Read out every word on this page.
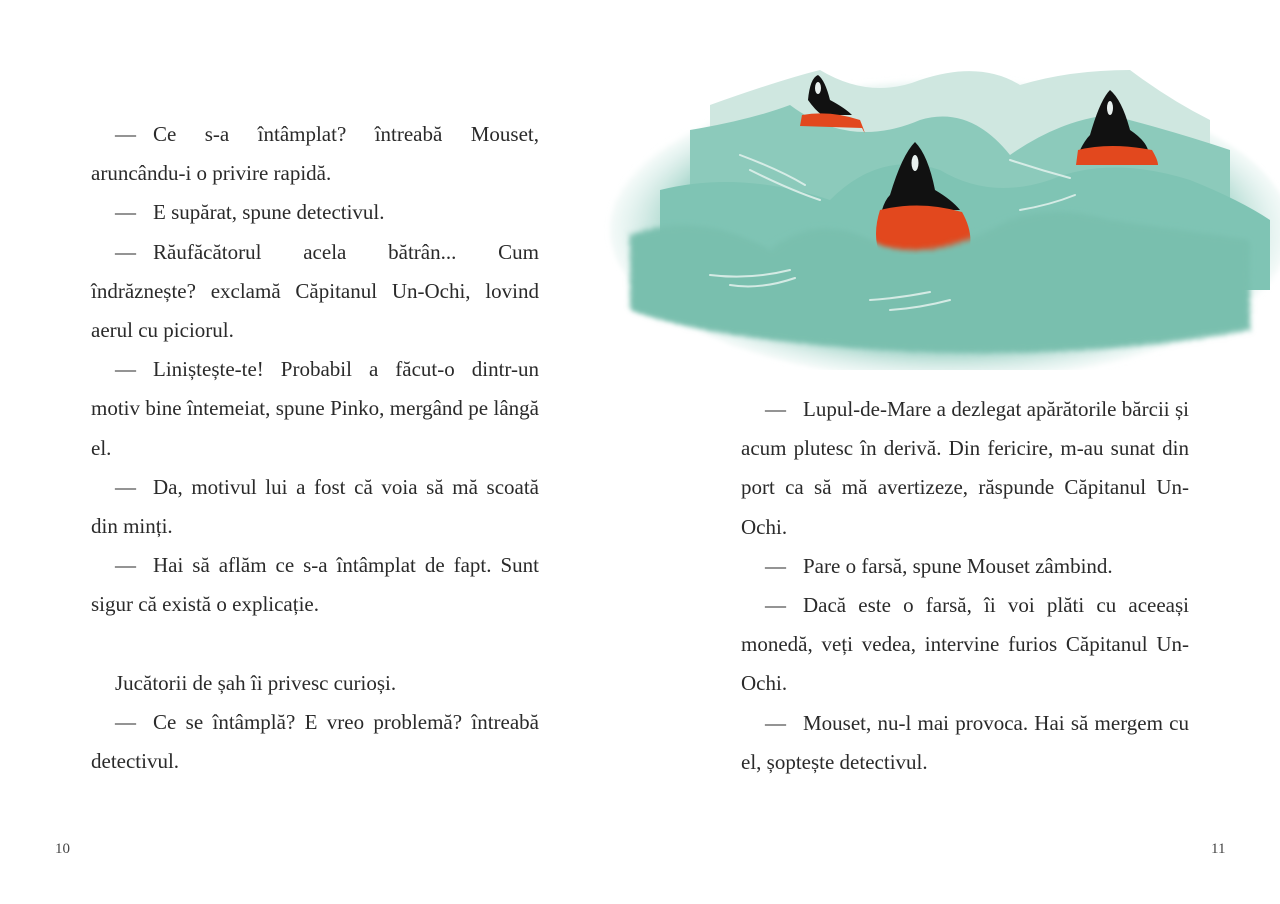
— Ce s-a întâmplat? întreabă Mouset, aruncându-i o privire rapidă.

— E supărat, spune detectivul.

— Răufăcătorul acela bătrân... Cum îndrăznește? exclamă Căpitanul Un-Ochi, lovind aerul cu piciorul.

— Liniștește-te! Probabil a făcut-o dintr-un motiv bine întemeiat, spune Pinko, mergând pe lângă el.

— Da, motivul lui a fost că voia să mă scoată din minți.

— Hai să aflăm ce s-a întâmplat de fapt. Sunt sigur că există o explicație.

Jucătorii de șah îi privesc curioși.

— Ce se întâmplă? E vreo problemă? întreabă detectivul.

10

— Lupul-de-Mare a dezlegat apărătorile bărcii și acum plutesc în derivă. Din fericire, m-au sunat din port ca să mă avertizeze, răspunde Căpitanul Un-Ochi.

— Pare o farsă, spune Mouset zâmbind.

— Dacă este o farsă, îi voi plăti cu aceeași monedă, veți vedea, intervine furios Căpitanul Un-Ochi.

— Mouset, nu-l mai provoca. Hai să mergem cu el, șoptește detectivul.

11
